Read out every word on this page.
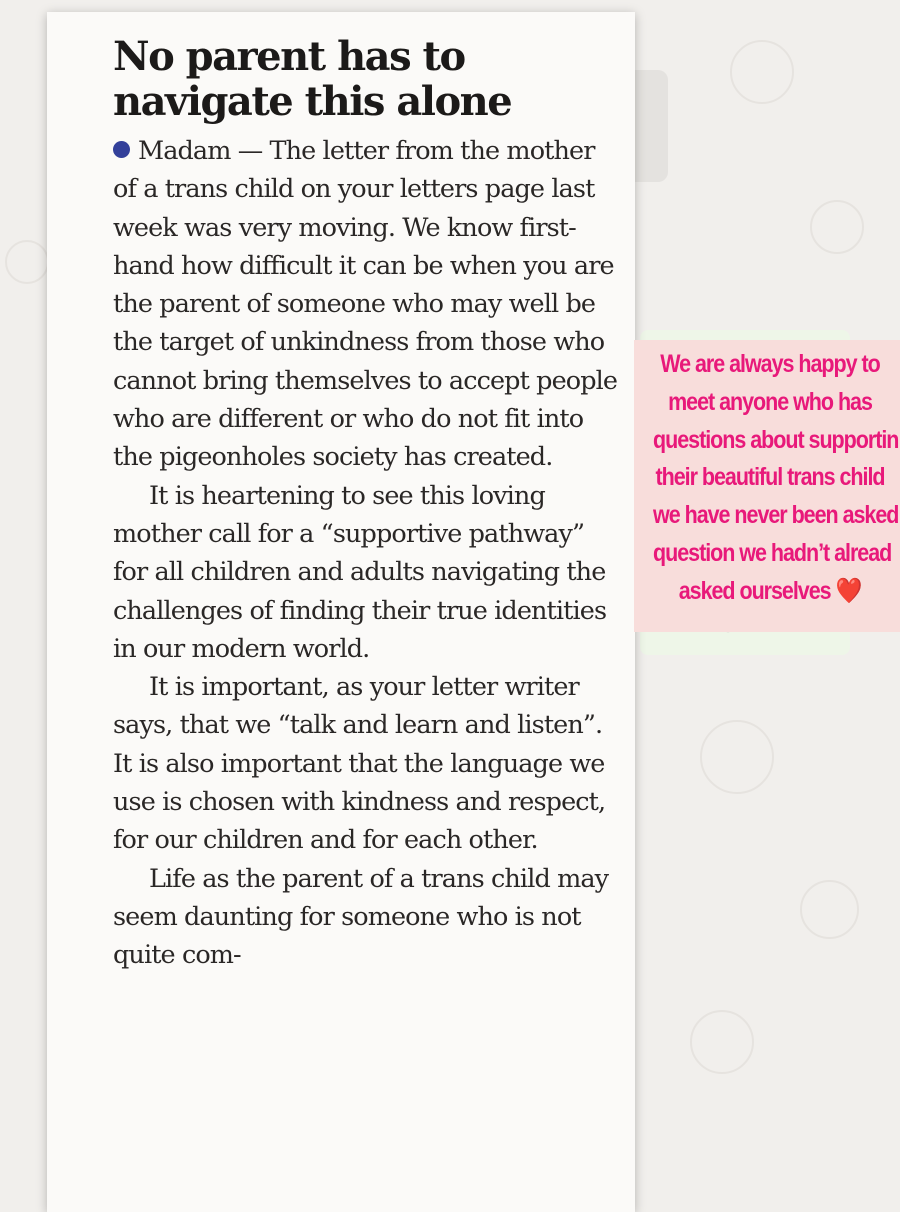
No parent has to navigate this alone

Madam — The letter from the mother of a trans child on your letters page last week was very moving. We know first-hand how difficult it can be when you are the parent of someone who may well be the target of unkindness from those who cannot bring themselves to accept people who are different or who do not fit into the pigeonholes society has created.

It is heartening to see this loving mother call for a “supportive pathway” for all children and adults navigating the challenges of finding their true identities in our modern world.

It is important, as your letter writer says, that we “talk and learn and listen”. It is also important that the language we use is chosen with kindness and respect, for our children and for each other.

Life as the parent of a trans child may seem daunting for someone who is not quite com-

We are always happy to
meet anyone who has
questions about supportin
their beautiful trans child
we have never been asked
question we hadn’t alread
asked ourselves ❤️
